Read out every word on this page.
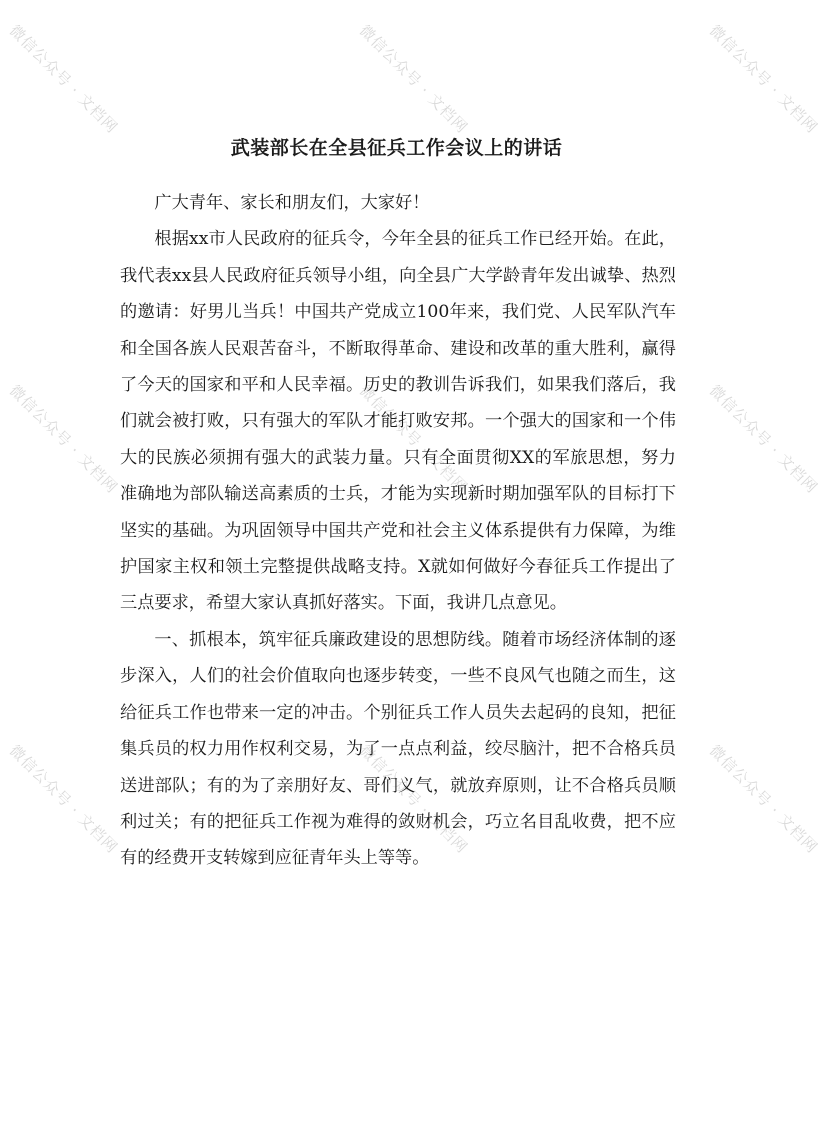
微信公众号 · 文档网	微信公众号 · 文档网	微信公众号 · 文档网
微信公众号 · 文档网	微信公众号 · 文档网	微信公众号 · 文档网
微信公众号 · 文档网	微信公众号 · 文档网	微信公众号 · 文档网
武装部长在全县征兵工作会议上的讲话

广大青年、家长和朋友们，大家好！

根据xx市人民政府的征兵令，今年全县的征兵工作已经开始。在此，我代表xx县人民政府征兵领导小组，向全县广大学龄青年发出诚挚、热烈的邀请：好男儿当兵！中国共产党成立100年来，我们党、人民军队汽车和全国各族人民艰苦奋斗，不断取得革命、建设和改革的重大胜利，赢得了今天的国家和平和人民幸福。历史的教训告诉我们，如果我们落后，我们就会被打败，只有强大的军队才能打败安邦。一个强大的国家和一个伟大的民族必须拥有强大的武装力量。只有全面贯彻XX的军旅思想，努力准确地为部队输送高素质的士兵，才能为实现新时期加强军队的目标打下坚实的基础。为巩固领导中国共产党和社会主义体系提供有力保障，为维护国家主权和领土完整提供战略支持。X就如何做好今春征兵工作提出了三点要求，希望大家认真抓好落实。下面，我讲几点意见。

一、抓根本，筑牢征兵廉政建设的思想防线。随着市场经济体制的逐步深入，人们的社会价值取向也逐步转变，一些不良风气也随之而生，这给征兵工作也带来一定的冲击。个别征兵工作人员失去起码的良知，把征集兵员的权力用作权利交易，为了一点点利益，绞尽脑汁，把不合格兵员送进部队；有的为了亲朋好友、哥们义气，就放弃原则，让不合格兵员顺利过关；有的把征兵工作视为难得的敛财机会，巧立名目乱收费，把不应有的经费开支转嫁到应征青年头上等等。
